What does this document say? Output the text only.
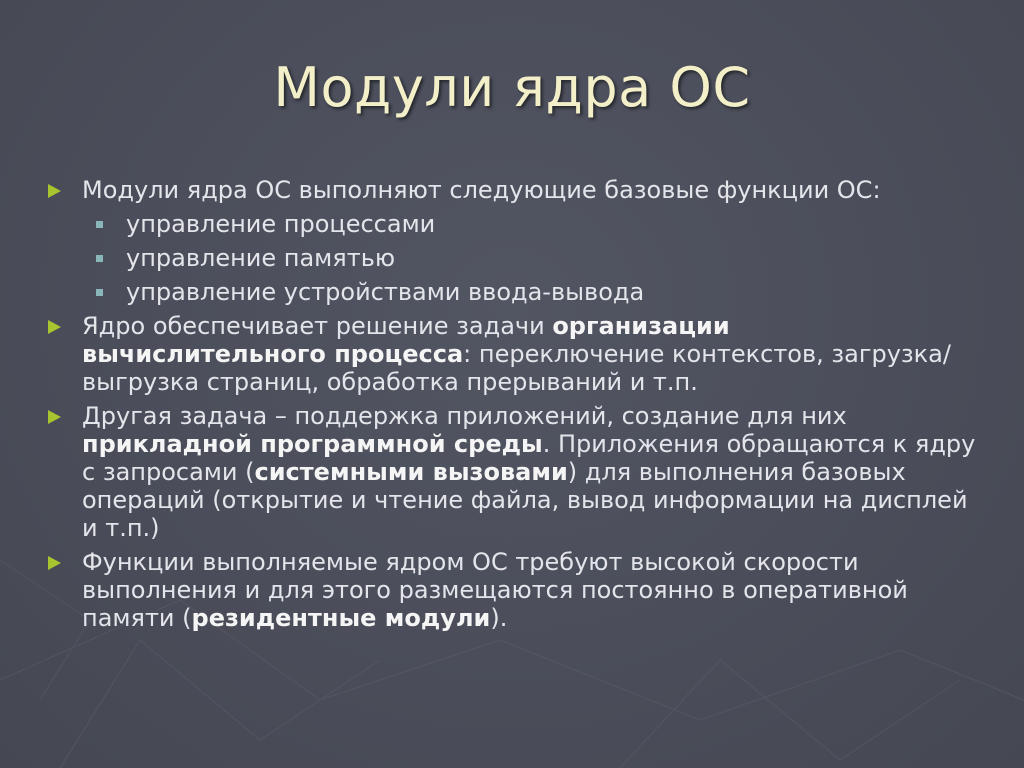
Модули ядра ОС
Модули ядра ОС выполняют следующие базовые функции ОС:
управление процессами
управление памятью
управление устройствами ввода-вывода
Ядро обеспечивает решение задачи организации вычислительного процесса: переключение контекстов, загрузка/выгрузка страниц, обработка прерываний и т.п.
Другая задача – поддержка приложений, создание для них прикладной программной среды. Приложения обращаются к ядру с запросами (системными вызовами) для выполнения базовых операций (открытие и чтение файла, вывод информации на дисплей и т.п.)
Функции выполняемые ядром ОС требуют высокой скорости выполнения и для этого размещаются постоянно в оперативной памяти (резидентные модули).
